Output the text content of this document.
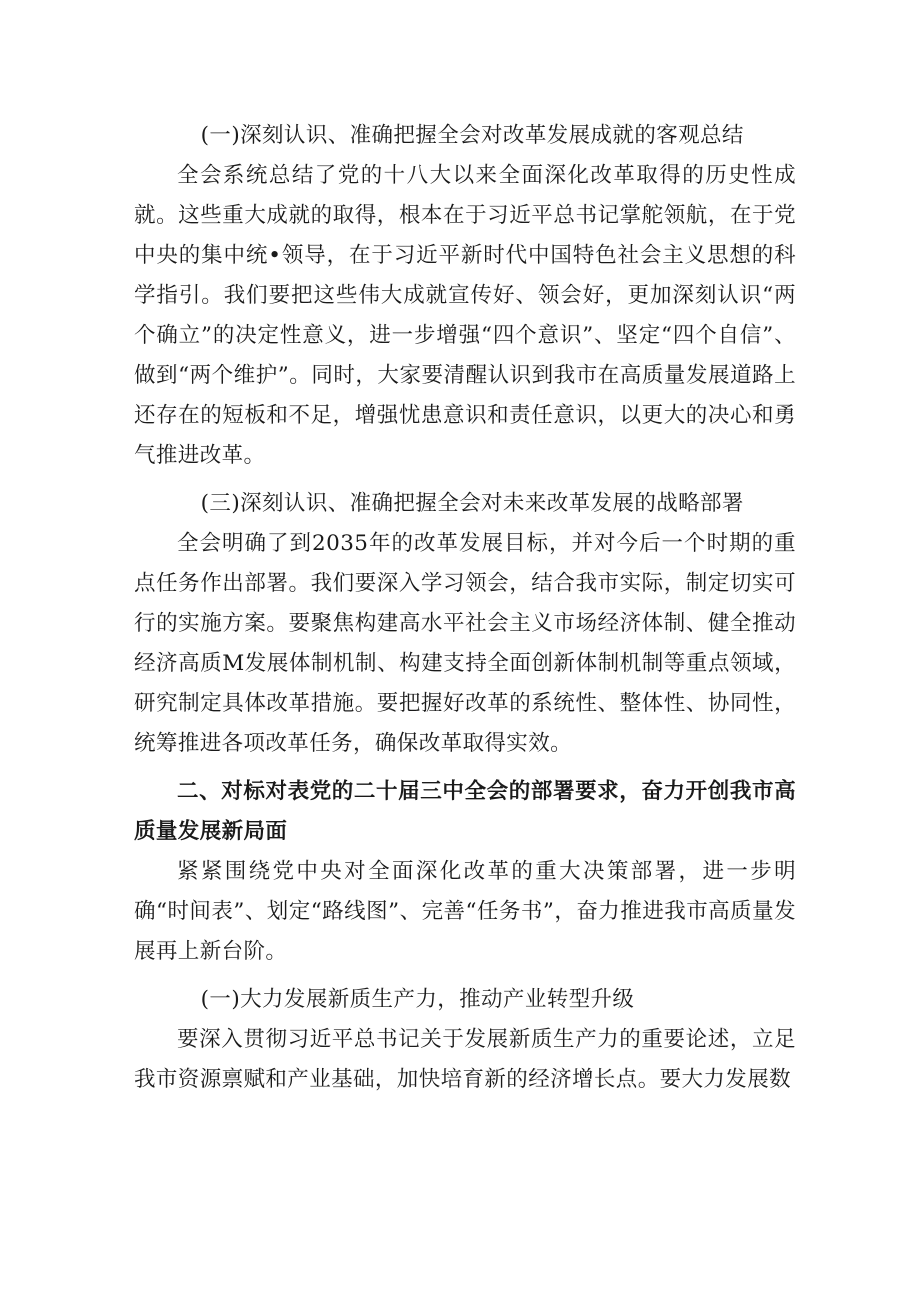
(一)深刻认识、准确把握全会对改革发展成就的客观总结

全会系统总结了党的十八大以来全面深化改革取得的历史性成就。这些重大成就的取得，根本在于习近平总书记掌舵领航，在于党中央的集中统•领导，在于习近平新时代中国特色社会主义思想的科学指引。我们要把这些伟大成就宣传好、领会好，更加深刻认识“两个确立”的决定性意义，进一步增强“四个意识”、坚定“四个自信”、做到“两个维护”。同时，大家要清醒认识到我市在高质量发展道路上还存在的短板和不足，增强忧患意识和责任意识，以更大的决心和勇气推进改革。

(三)深刻认识、准确把握全会对未来改革发展的战略部署

全会明确了到2035年的改革发展目标，并对今后一个时期的重点任务作出部署。我们要深入学习领会，结合我市实际，制定切实可行的实施方案。要聚焦构建高水平社会主义市场经济体制、健全推动经济高质M发展体制机制、构建支持全面创新体制机制等重点领域，研究制定具体改革措施。要把握好改革的系统性、整体性、协同性，统筹推进各项改革任务，确保改革取得实效。

二、对标对表党的二十届三中全会的部署要求，奋力开创我市高质量发展新局面

紧紧围绕党中央对全面深化改革的重大决策部署，进一步明确“时间表”、划定“路线图”、完善“任务书”，奋力推进我市高质量发展再上新台阶。

(一)大力发展新质生产力，推动产业转型升级

要深入贯彻习近平总书记关于发展新质生产力的重要论述，立足我市资源禀赋和产业基础，加快培育新的经济增长点。要大力发展数
